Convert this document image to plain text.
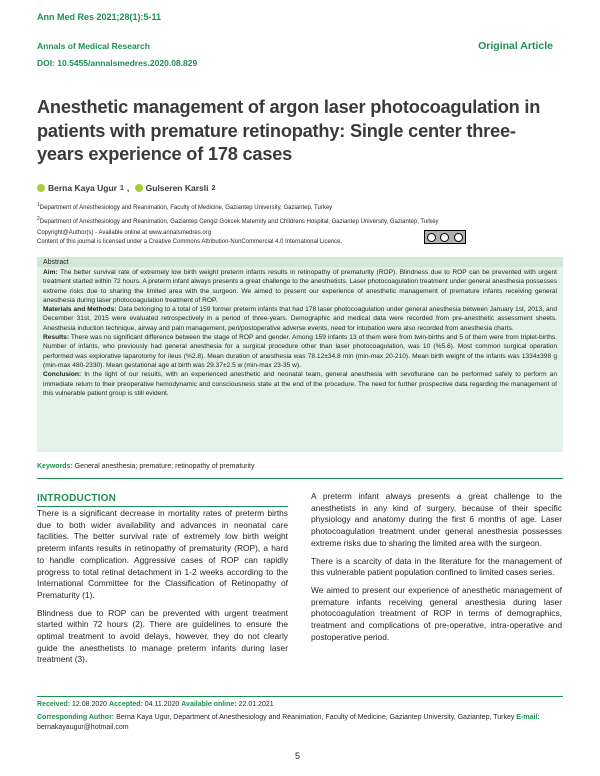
Ann Med Res 2021;28(1):5-11
Annals of Medical Research
DOI: 10.5455/annalsmedres.2020.08.829
Original Article
Anesthetic management of argon laser photocoagulation in patients with premature retinopathy: Single center three-years experience of 178 cases
Berna Kaya Ugur 1 , Gulseren Karsli 2
$^1$Department of Anesthesiology and Reanimation, Faculty of Medicine, Gaziantep University, Gaziantep, Turkey
$^2$Department of Anesthesiology and Reanimation, Gaziantep Cengiz Gokcek Maternity and Childrens Hospital, Gaziantep University, Gaziantep, Turkey
Copyright@Author(s) - Available online at www.annalsmedres.org
Content of this journal is licensed under a Creative Commons Attribution-NonCommercial 4.0 International Licence.
Abstract

Aim: The better survival rate of extremely low birth weight preterm infants results in retinopathy of prematurity (ROP). Blindness due to ROP can be prevented with urgent treatment started within 72 hours. A preterm infant always presents a great challenge to the anesthetists. Laser photocoagulation treatment under general anesthesia possesses extreme risks due to sharing the limited area with the surgeon. We aimed to present our experience of anesthetic management of premature infants receiving general anesthesia during laser photocoagulation treatment of ROP.

Materials and Methods: Data belonging to a total of 159 former preterm infants that had 178 laser photocoagulation under general anesthesia between January 1st, 2013, and December 31st, 2015 were evaluated retrospectively in a period of three-years. Demographic and medical data were recorded from pre-anesthetic assessment sheets. Anesthesia induction technique, airway and pain management, peri/postoperative adverse events, need for intubation were also recorded from anesthesia charts.

Results: There was no significant difference between the stage of ROP and gender. Among 159 infants 13 of them were from twin-births and 5 of them were from triplet-births. Number of infants, who previously had general anesthesia for a surgical procedure other than laser photocoagulation, was 10 (%5.6). Most common surgical operation performed was explorative laparotomy for ileus (%2.8). Mean duration of anesthesia was 78.12±34.8 min (min-max 20-210). Mean birth weight of the infants was 1334±398 g (min-max 480-2330). Mean gestational age at birth was 29.37±2.5 w (min-max 23-35 w).

Conclusion: In the light of our results, with an experienced anesthetic and neonatal team, general anesthesia with sevoflurane can be performed safely to perform an immediate return to their preoperative hemodynamic and consciousness state at the end of the procedure. The need for further prospective data regarding the management of this vulnerable patient group is still evident.

Keywords: General anesthesia; premature; retinopathy of prematurity
INTRODUCTION

There is a significant decrease in mortality rates of preterm births due to both wider availability and advances in neonatal care facilities. The better survival rate of extremely low birth weight preterm infants results in retinopathy of prematurity (ROP), a hard to handle complication. Aggressive cases of ROP can rapidly progress to total retinal detachment in 1-2 weeks according to the International Committee for the Classification of Retinopathy of Prematurity (1).

Blindness due to ROP can be prevented with urgent treatment started within 72 hours (2). There are guidelines to ensure the optimal treatment to avoid delays, however, they do not clearly guide the anesthetists to manage preterm infants during laser treatment (3).

A preterm infant always presents a great challenge to the anesthetists in any kind of surgery, because of their specific physiology and anatomy during the first 6 months of age. Laser photocoagulation treatment under general anesthesia possesses extreme risks due to sharing the limited area with the surgeon.

There is a scarcity of data in the literature for the management of this vulnerable patient population confined to limited cases series.

We aimed to present our experience of anesthetic management of premature infants receiving general anesthesia during laser photocoagulation treatment of ROP in terms of demographics, treatment and complications of pre-operative, intra-operative and postoperative period.

Received: 12.08.2020 Accepted: 04.11.2020 Available online: 22.01.2021
Corresponding Author: Berna Kaya Ugur, Department of Anesthesiology and Reanimation, Faculty of Medicine, Gaziantep University, Gaziantep, Turkey E-mail: bernakayaugur@hotmail.com
5
